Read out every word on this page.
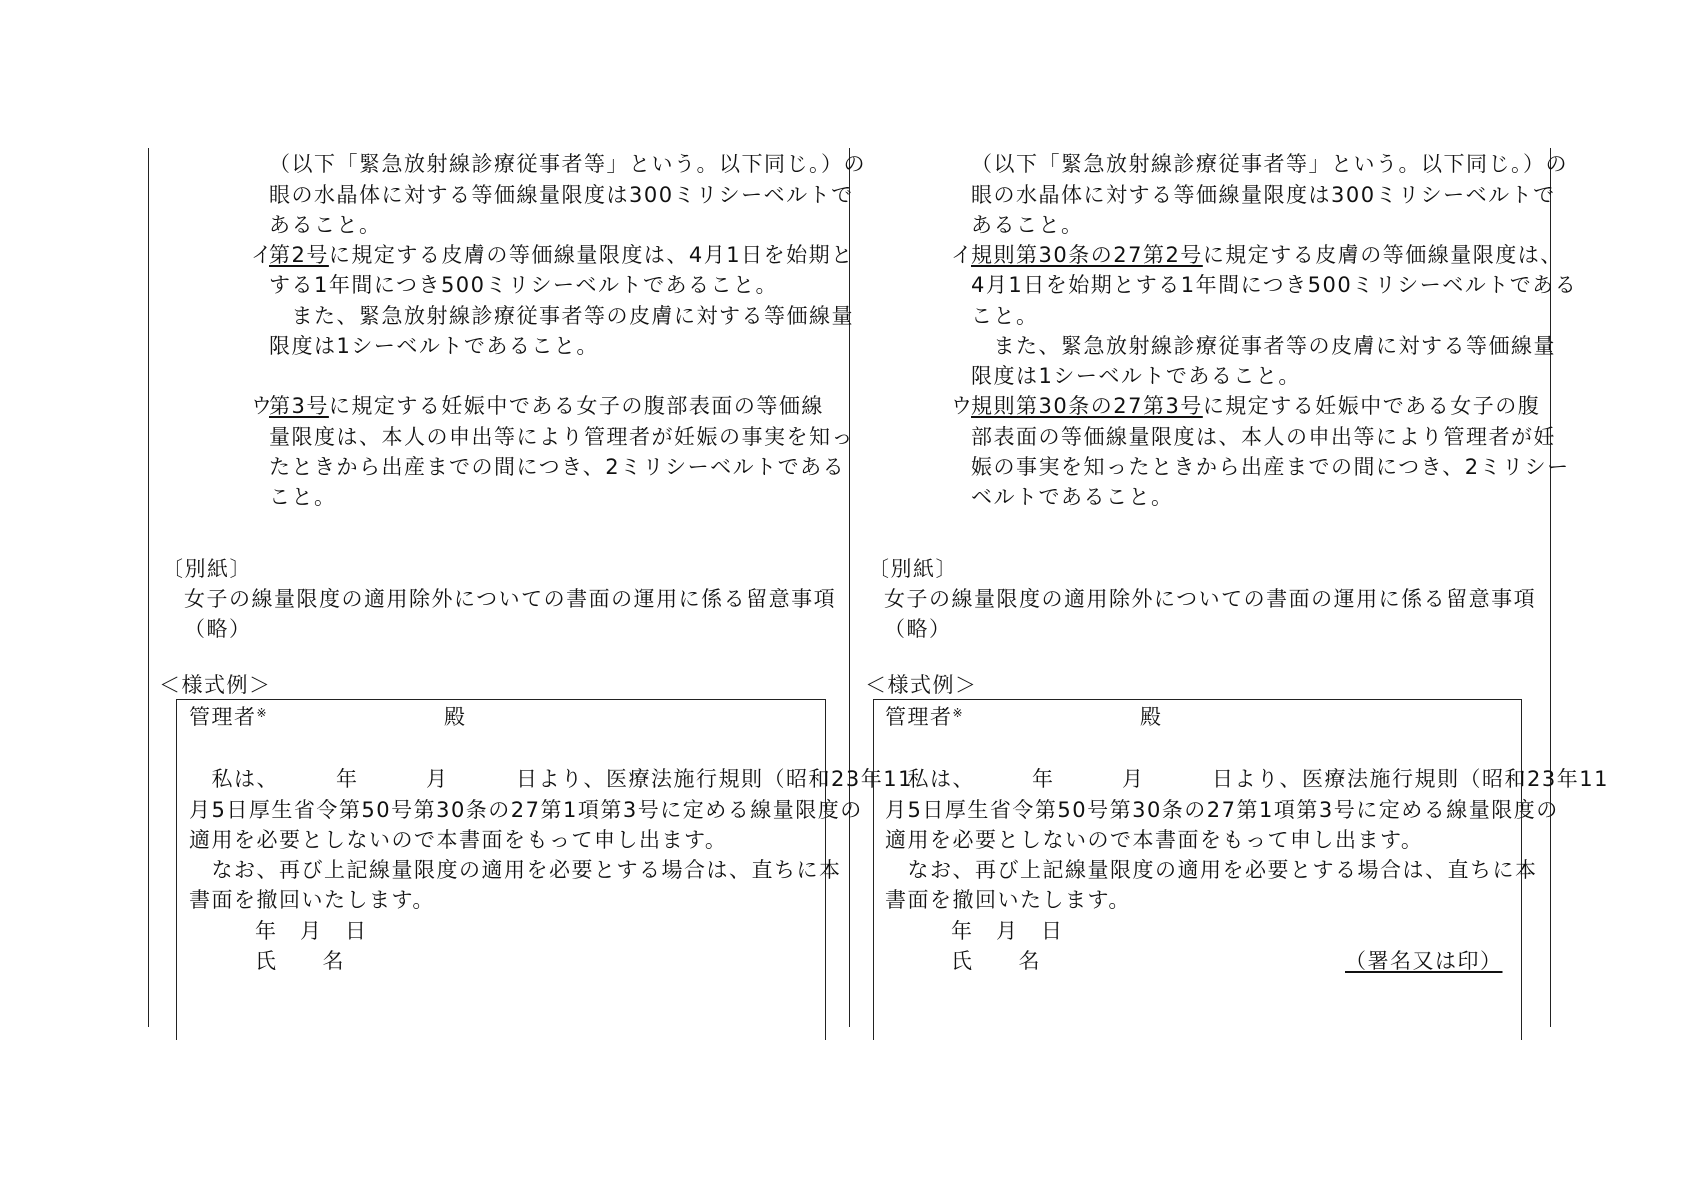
（以下「緊急放射線診療従事者等」という。以下同じ。）の
眼の水晶体に対する等価線量限度は300ミリシーベルトで
あること。
イ
第2号に規定する皮膚の等価線量限度は、4月1日を始期と
する1年間につき500ミリシーベルトであること。
　また、緊急放射線診療従事者等の皮膚に対する等価線量
限度は1シーベルトであること。
ウ
第3号に規定する妊娠中である女子の腹部表面の等価線
量限度は、本人の申出等により管理者が妊娠の事実を知っ
たときから出産までの間につき、2ミリシーベルトである
こと。
〔別紙〕
女子の線量限度の適用除外についての書面の運用に係る留意事項
（略）
＜様式例＞
管理者※	殿
　私は、　　　年　　　月　　　日より、医療法施行規則（昭和23年11
月5日厚生省令第50号第30条の27第1項第3号に定める線量限度の
適用を必要としないので本書面をもって申し出ます。
　なお、再び上記線量限度の適用を必要とする場合は、直ちに本
書面を撤回いたします。
年　月　日
氏　　名
（以下「緊急放射線診療従事者等」という。以下同じ。）の
眼の水晶体に対する等価線量限度は300ミリシーベルトで
あること。
イ
規則第30条の27第2号に規定する皮膚の等価線量限度は、
4月1日を始期とする1年間につき500ミリシーベルトである
こと。
　また、緊急放射線診療従事者等の皮膚に対する等価線量
限度は1シーベルトであること。
ウ
規則第30条の27第3号に規定する妊娠中である女子の腹
部表面の等価線量限度は、本人の申出等により管理者が妊
娠の事実を知ったときから出産までの間につき、2ミリシー
ベルトであること。
〔別紙〕
女子の線量限度の適用除外についての書面の運用に係る留意事項
（略）
＜様式例＞
管理者※	殿
　私は、　　　年　　　月　　　日より、医療法施行規則（昭和23年11
月5日厚生省令第50号第30条の27第1項第3号に定める線量限度の
適用を必要としないので本書面をもって申し出ます。
　なお、再び上記線量限度の適用を必要とする場合は、直ちに本
書面を撤回いたします。
年　月　日
氏　　名	（署名又は印）
